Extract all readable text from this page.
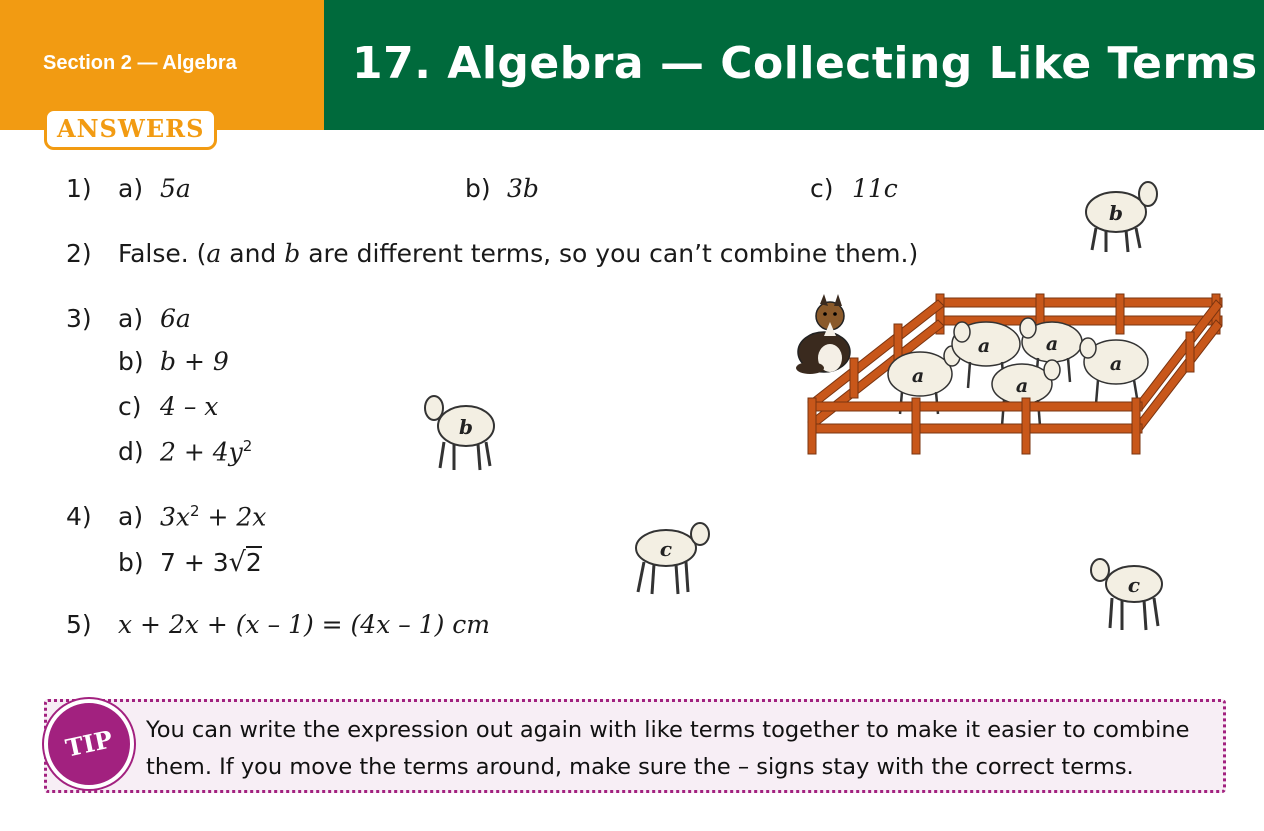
Section 2 — Algebra	17. Algebra — Collecting Like Terms
ANSWERS
1) a) 5a	b) 3b	c) 11c
2) False. (a and b are different terms, so you can’t combine them.)
3) a) 6a
b) b + 9
c) 4 – x
d) $2 + 4y^2$
4) a) $3x^2 + 2x$
b) 7 + 3√2
5) x + 2x + (x – 1) = (4x – 1) cm
b
b
c
c
a
a	a
a
a
TIP	You can write the expression out again with like terms together to make it easier to combine
them. If you move the terms around, make sure the – signs stay with the correct terms.
